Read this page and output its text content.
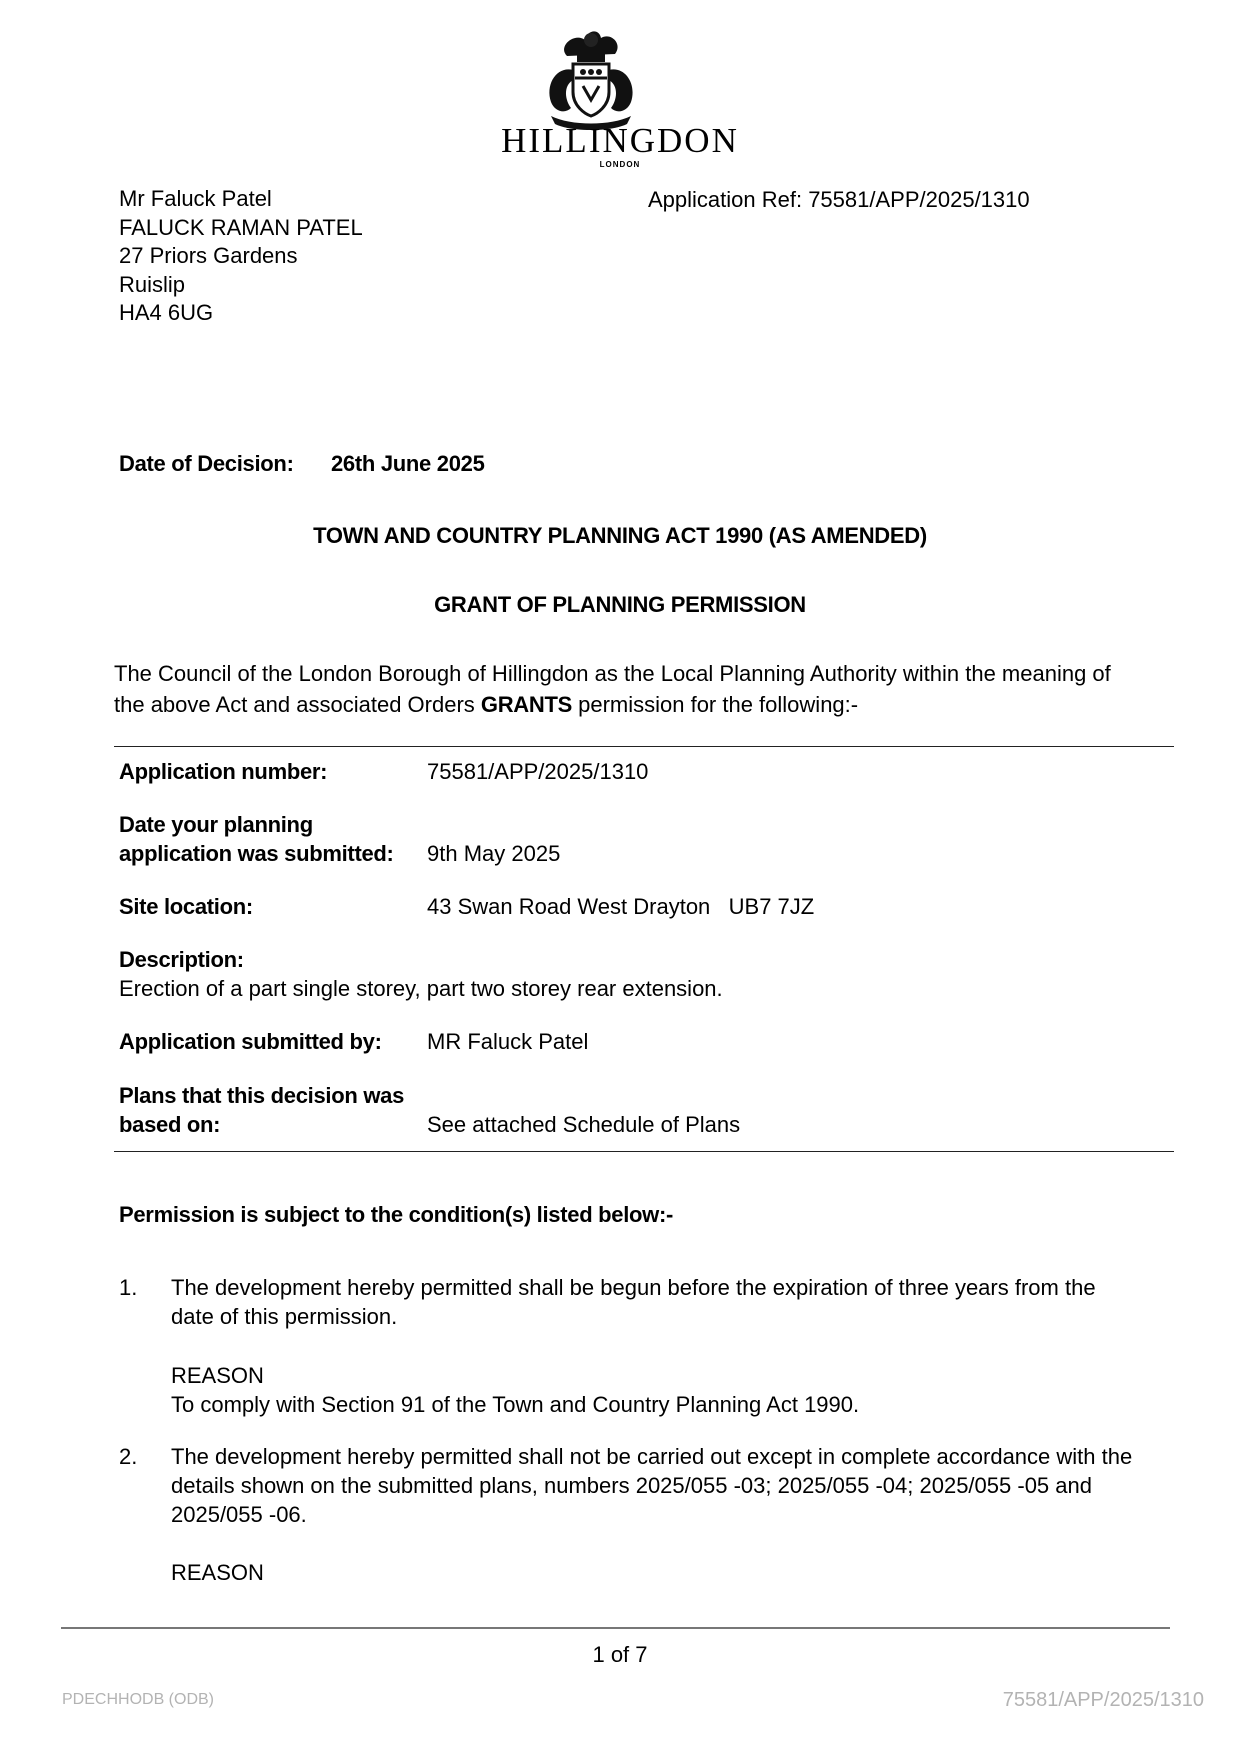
HILLINGDON
LONDON
Mr Faluck Patel
FALUCK RAMAN PATEL
27 Priors Gardens
Ruislip
HA4 6UG
Application Ref: 75581/APP/2025/1310
Date of Decision: 26th June 2025
TOWN AND COUNTRY PLANNING ACT 1990 (AS AMENDED)
GRANT OF PLANNING PERMISSION
The Council of the London Borough of Hillingdon as the Local Planning Authority within the meaning of
the above Act and associated Orders GRANTS permission for the following:-
Application number:	75581/APP/2025/1310
Date your planning
application was submitted: 9th May 2025
Site location:	43 Swan Road West Drayton   UB7 7JZ
Description:
Erection of a part single storey, part two storey rear extension.
Application submitted by: MR Faluck Patel
Plans that this decision was
based on:	See attached Schedule of Plans
Permission is subject to the condition(s) listed below:-
1. The development hereby permitted shall be begun before the expiration of three years from the
date of this permission.
REASON
To comply with Section 91 of the Town and Country Planning Act 1990.
2. The development hereby permitted shall not be carried out except in complete accordance with the
details shown on the submitted plans, numbers 2025/055 -03; 2025/055 -04; 2025/055 -05 and
2025/055 -06.
REASON
1 of 7
PDECHHODB (ODB)	75581/APP/2025/1310
